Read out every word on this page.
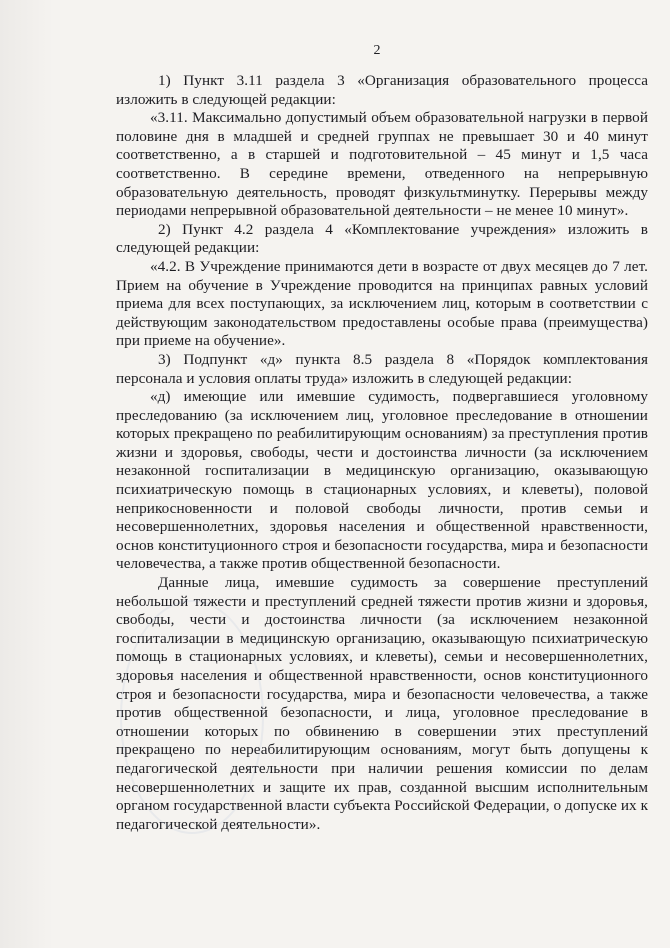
2

1) Пункт 3.11 раздела 3 «Организация образовательного процесса изложить в следующей редакции:

«3.11. Максимально допустимый объем образовательной нагрузки в первой половине дня в младшей и средней группах не превышает 30 и 40 минут соответственно, а в старшей и подготовительной – 45 минут и 1,5 часа соответственно. В середине времени, отведенного на непрерывную образовательную деятельность, проводят физкультминутку. Перерывы между периодами непрерывной образовательной деятельности – не менее 10 минут».

2) Пункт 4.2 раздела 4 «Комплектование учреждения» изложить в следующей редакции:

«4.2. В Учреждение принимаются дети в возрасте от двух месяцев до 7 лет. Прием на обучение в Учреждение проводится на принципах равных условий приема для всех поступающих, за исключением лиц, которым в соответствии с действующим законодательством предоставлены особые права (преимущества) при приеме на обучение».

3) Подпункт «д» пункта 8.5 раздела 8 «Порядок комплектования персонала и условия оплаты труда» изложить в следующей редакции:

«д) имеющие или имевшие судимость, подвергавшиеся уголовному преследованию (за исключением лиц, уголовное преследование в отношении которых прекращено по реабилитирующим основаниям) за преступления против жизни и здоровья, свободы, чести и достоинства личности (за исключением незаконной госпитализации в медицинскую организацию, оказывающую психиатрическую помощь в стационарных условиях, и клеветы), половой неприкосновенности и половой свободы личности, против семьи и несовершеннолетних, здоровья населения и общественной нравственности, основ конституционного строя и безопасности государства, мира и безопасности человечества, а также против общественной безопасности.

Данные лица, имевшие судимость за совершение преступлений небольшой тяжести и преступлений средней тяжести против жизни и здоровья, свободы, чести и достоинства личности (за исключением незаконной госпитализации в медицинскую организацию, оказывающую психиатрическую помощь в стационарных условиях, и клеветы), семьи и несовершеннолетних, здоровья населения и общественной нравственности, основ конституционного строя и безопасности государства, мира и безопасности человечества, а также против общественной безопасности, и лица, уголовное преследование в отношении которых по обвинению в совершении этих преступлений прекращено по нереабилитирующим основаниям, могут быть допущены к педагогической деятельности при наличии решения комиссии по делам несовершеннолетних и защите их прав, созданной высшим исполнительным органом государственной власти субъекта Российской Федерации, о допуске их к педагогической деятельности».
